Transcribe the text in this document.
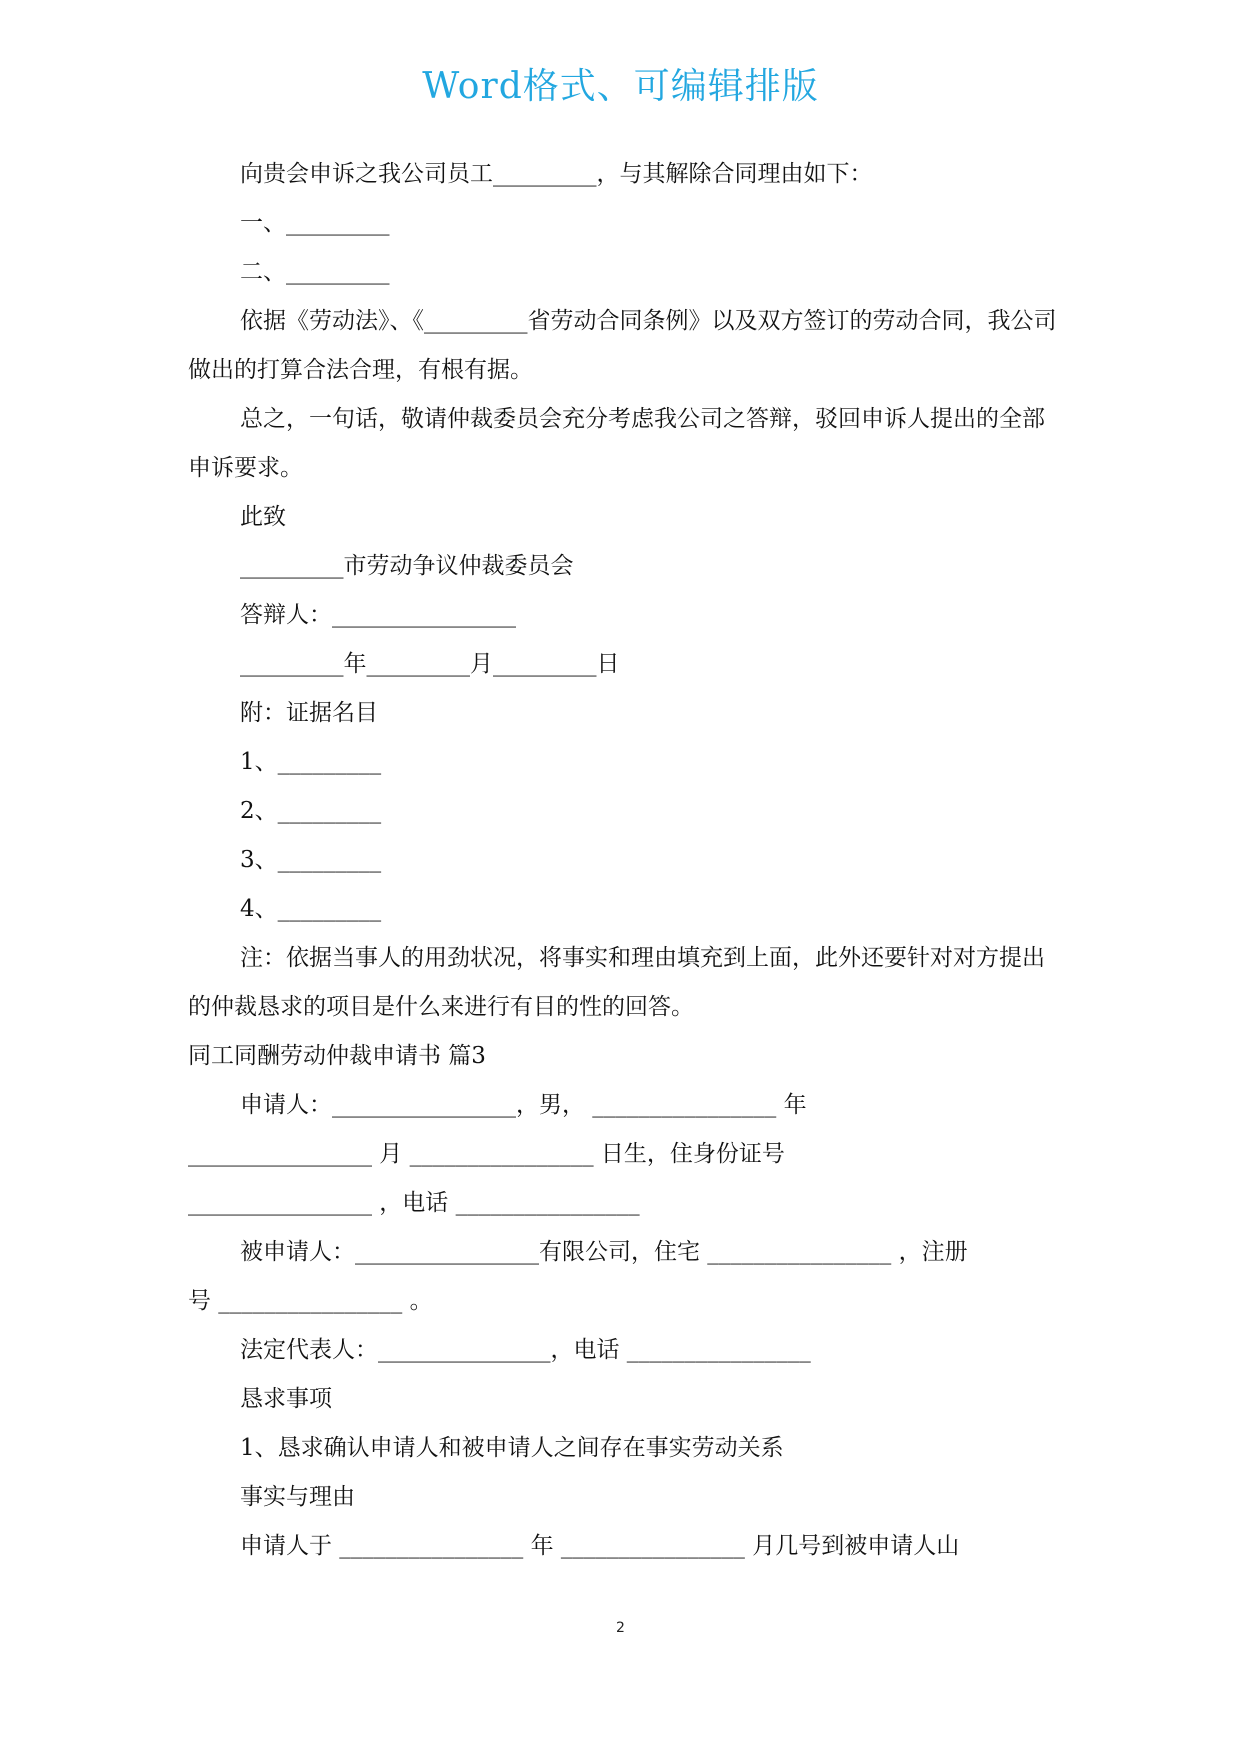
Word格式、可编辑排版

向贵会申诉之我公司员工_________，与其解除合同理由如下：

一、_________

二、_________

依据《劳动法》、《_________省劳动合同条例》以及双方签订的劳动合同，我公司做出的打算合法合理，有根有据。

总之，一句话，敬请仲裁委员会充分考虑我公司之答辩，驳回申诉人提出的全部申诉要求。

此致

_________市劳动争议仲裁委员会

答辩人：________________

_________年_________月_________日

附：证据名目

1、_________

2、_________

3、_________

4、_________

注：依据当事人的用劲状况，将事实和理由填充到上面，此外还要针对对方提出的仲裁恳求的项目是什么来进行有目的性的回答。

同工同酬劳动仲裁申请书 篇3

申请人：________________，男， ________________ 年

________________ 月 ________________ 日生，住身份证号

________________ ，电话 ________________

被申请人：________________有限公司，住宅 ________________ ，注册

号 ________________ 。

法定代表人：_______________，电话 ________________

恳求事项

1、恳求确认申请人和被申请人之间存在事实劳动关系

事实与理由

申请人于 ________________ 年 ________________ 月几号到被申请人山

2
